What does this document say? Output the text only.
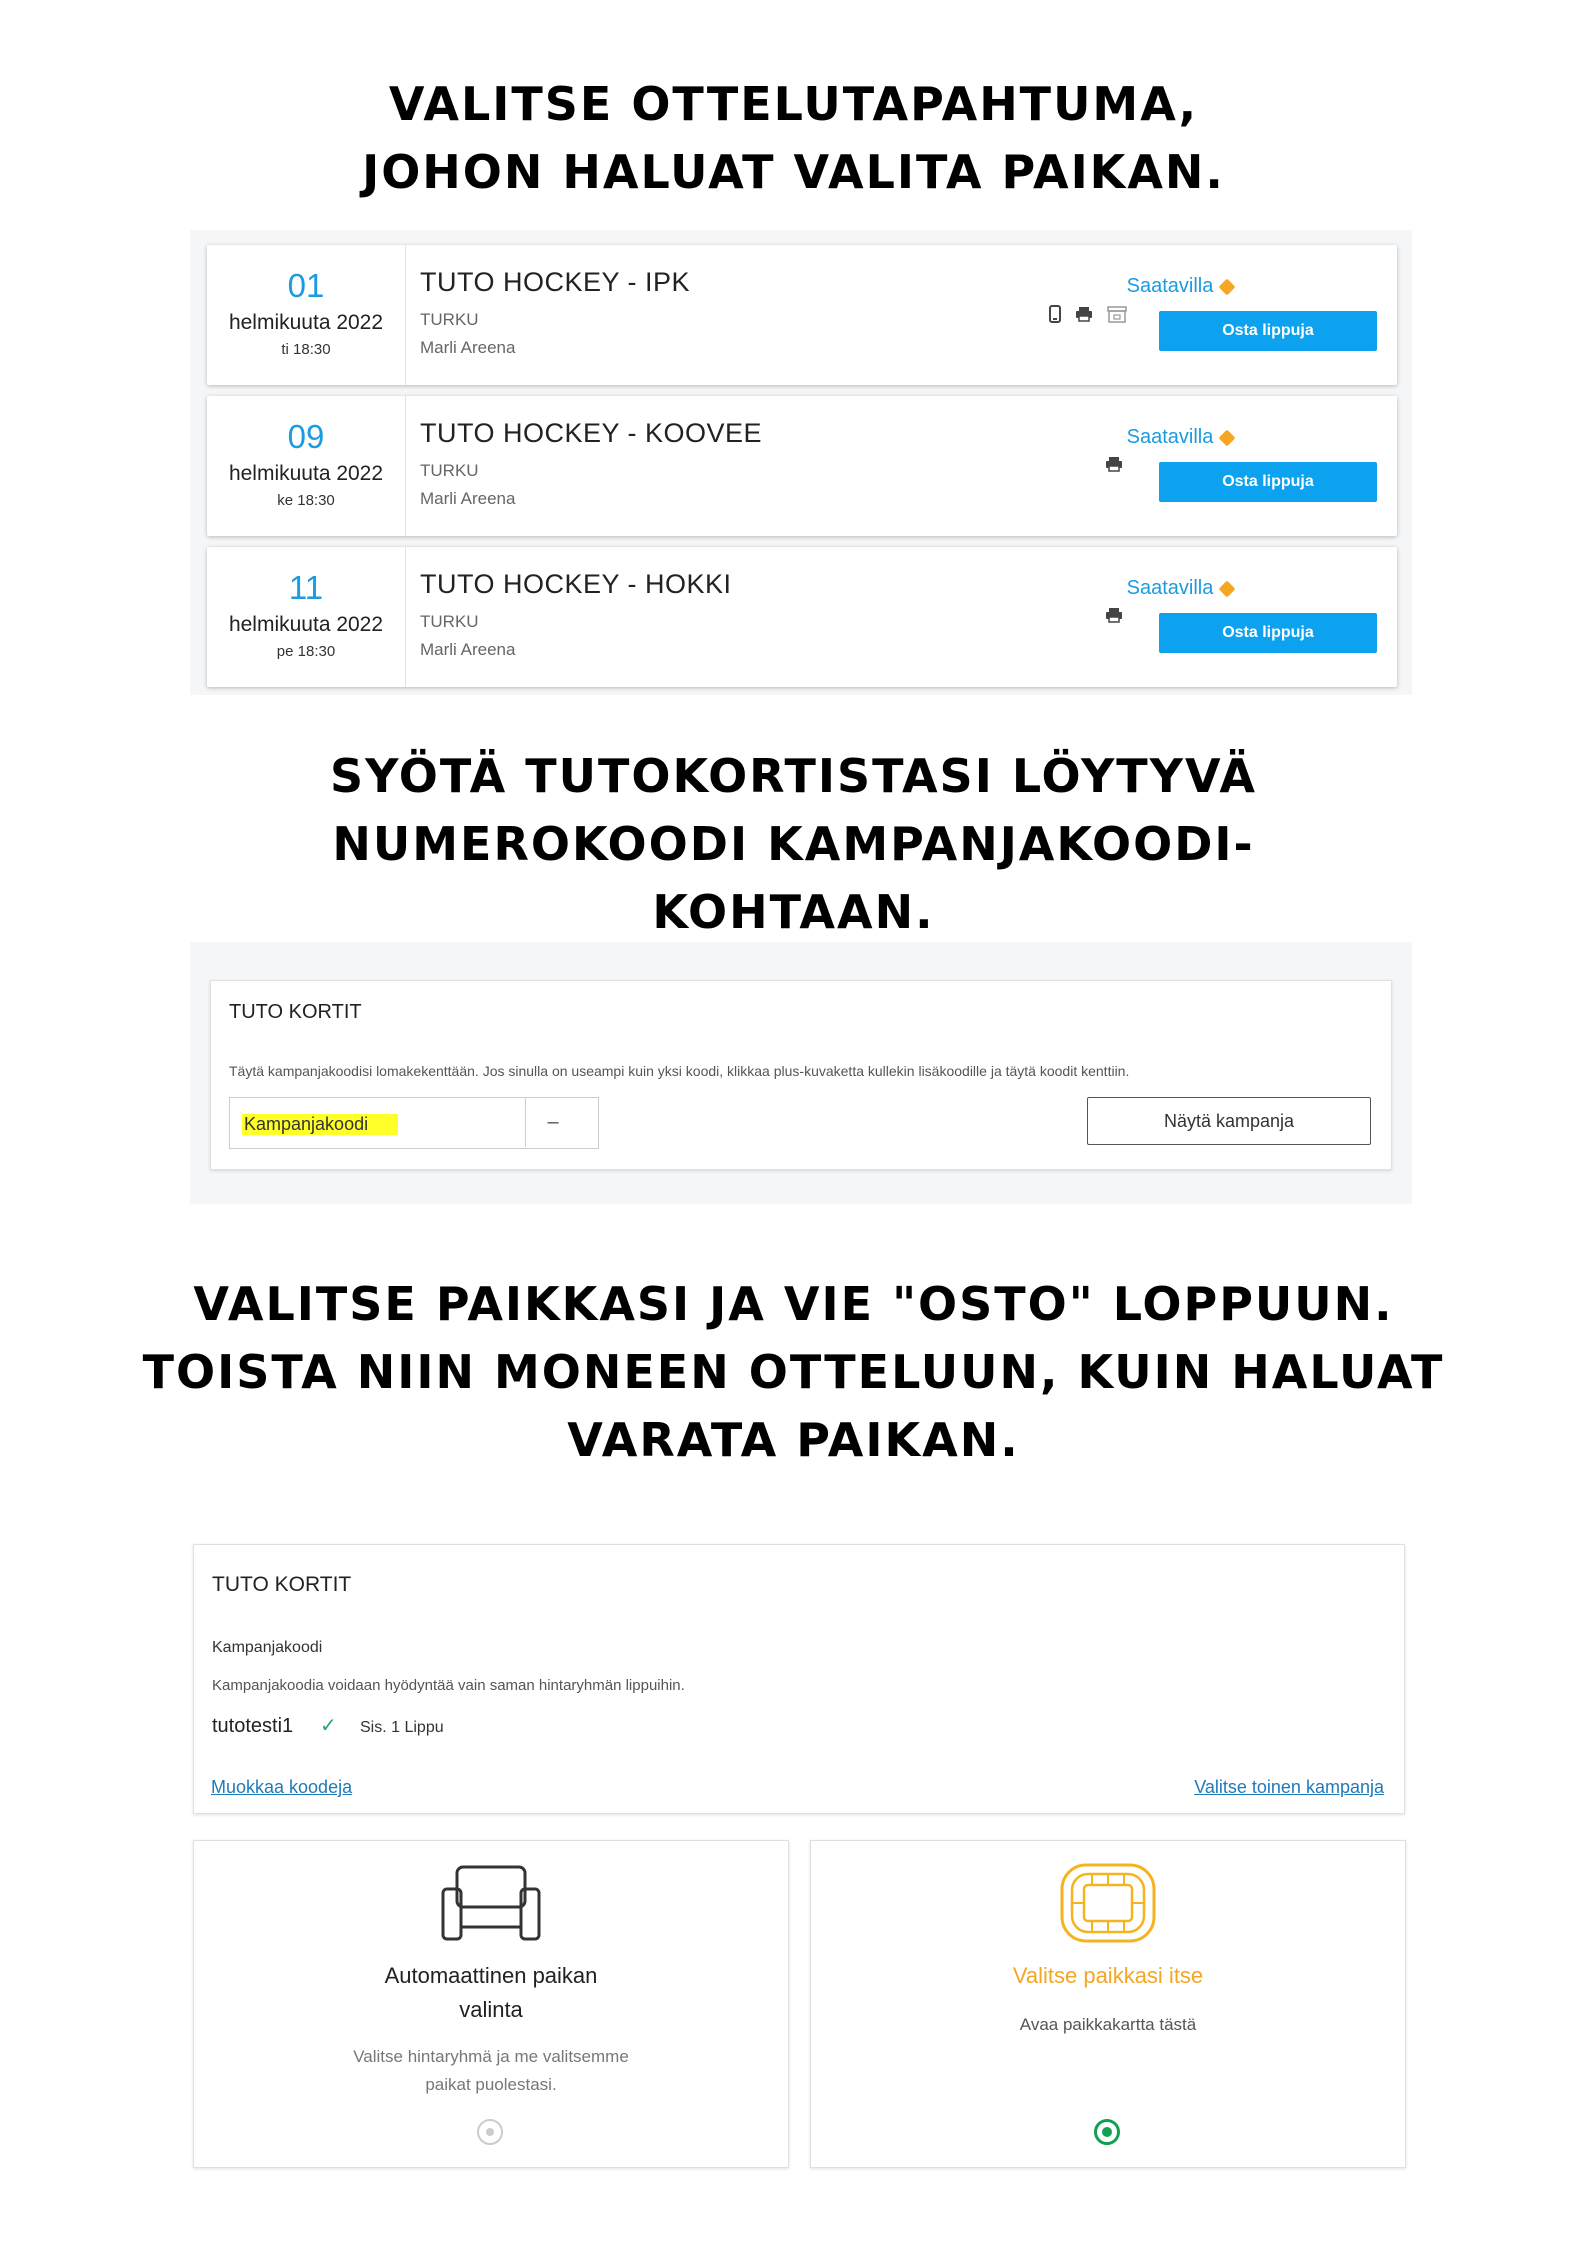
VALITSE OTTELUTAPAHTUMA,
JOHON HALUAT VALITA PAIKAN.
01
helmikuuta 2022
ti 18:30
TUTO HOCKEY - IPK
TURKU
Marli Areena
Saatavilla
Osta lippuja
09
helmikuuta 2022
ke 18:30
TUTO HOCKEY - KOOVEE
TURKU
Marli Areena
Saatavilla
Osta lippuja
11
helmikuuta 2022
pe 18:30
TUTO HOCKEY - HOKKI
TURKU
Marli Areena
Saatavilla
Osta lippuja
SYÖTÄ TUTOKORTISTASI LÖYTYVÄ
NUMEROKOODI KAMPANJAKOODI-
KOHTAAN.
TUTO KORTIT
Täytä kampanjakoodisi lomakekenttään. Jos sinulla on useampi kuin yksi koodi, klikkaa plus-kuvaketta kullekin lisäkoodille ja täytä koodit kenttiin.
Kampanjakoodi	–	Näytä kampanja
VALITSE PAIKKASI JA VIE "OSTO" LOPPUUN.
TOISTA NIIN MONEEN OTTELUUN, KUIN HALUAT
VARATA PAIKAN.
TUTO KORTIT
Kampanjakoodi
Kampanjakoodia voidaan hyödyntää vain saman hintaryhmän lippuihin.
tutotesti1 ✓ Sis. 1 Lippu
Muokkaa koodeja	Valitse toinen kampanja
Automaattinen paikan
valinta
Valitse hintaryhmä ja me valitsemme
paikat puolestasi.
Valitse paikkasi itse
Avaa paikkakartta tästä
